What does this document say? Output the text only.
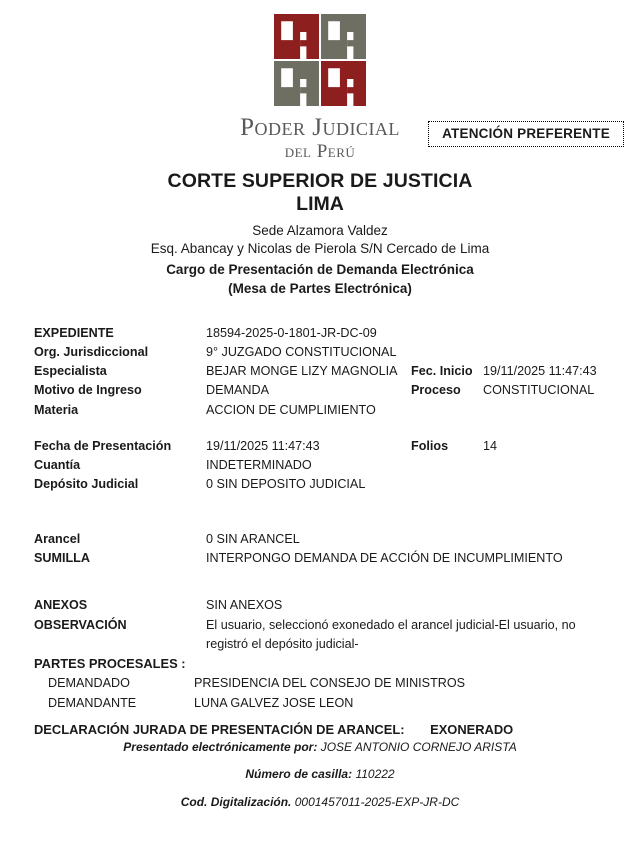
Poder Judicial
del Perú
ATENCIÓN PREFERENTE
CORTE SUPERIOR DE JUSTICIA
LIMA
Sede Alzamora Valdez
Esq. Abancay y Nicolas de Pierola S/N Cercado de Lima
Cargo de Presentación de Demanda Electrónica
(Mesa de Partes Electrónica)
EXPEDIENTE	18594-2025-0-1801-JR-DC-09
Org. Jurisdiccional	9° JUZGADO CONSTITUCIONAL
Especialista	BEJAR MONGE LIZY MAGNOLIA	Fec. Inicio 19/11/2025 11:47:43
Motivo de Ingreso	DEMANDA	Proceso	CONSTITUCIONAL
Materia	ACCION DE CUMPLIMIENTO
Fecha de Presentación	19/11/2025 11:47:43	Folios	14
Cuantía	INDETERMINADO
Depósito Judicial	0 SIN DEPOSITO JUDICIAL
Arancel	0 SIN ARANCEL
SUMILLA	INTERPONGO DEMANDA DE ACCIÓN DE INCUMPLIMIENTO
ANEXOS	SIN ANEXOS
OBSERVACIÓN	El usuario, seleccionó exonedado el arancel judicial-El usuario, no registró el depósito judicial-
PARTES PROCESALES :
DEMANDADO	PRESIDENCIA DEL CONSEJO DE MINISTROS
DEMANDANTE	LUNA GALVEZ JOSE LEON
DECLARACIÓN JURADA DE PRESENTACIÓN DE ARANCEL: EXONERADO
Presentado electrónicamente por: JOSE ANTONIO CORNEJO ARISTA
Número de casilla: 110222
Cod. Digitalización. 0001457011-2025-EXP-JR-DC
